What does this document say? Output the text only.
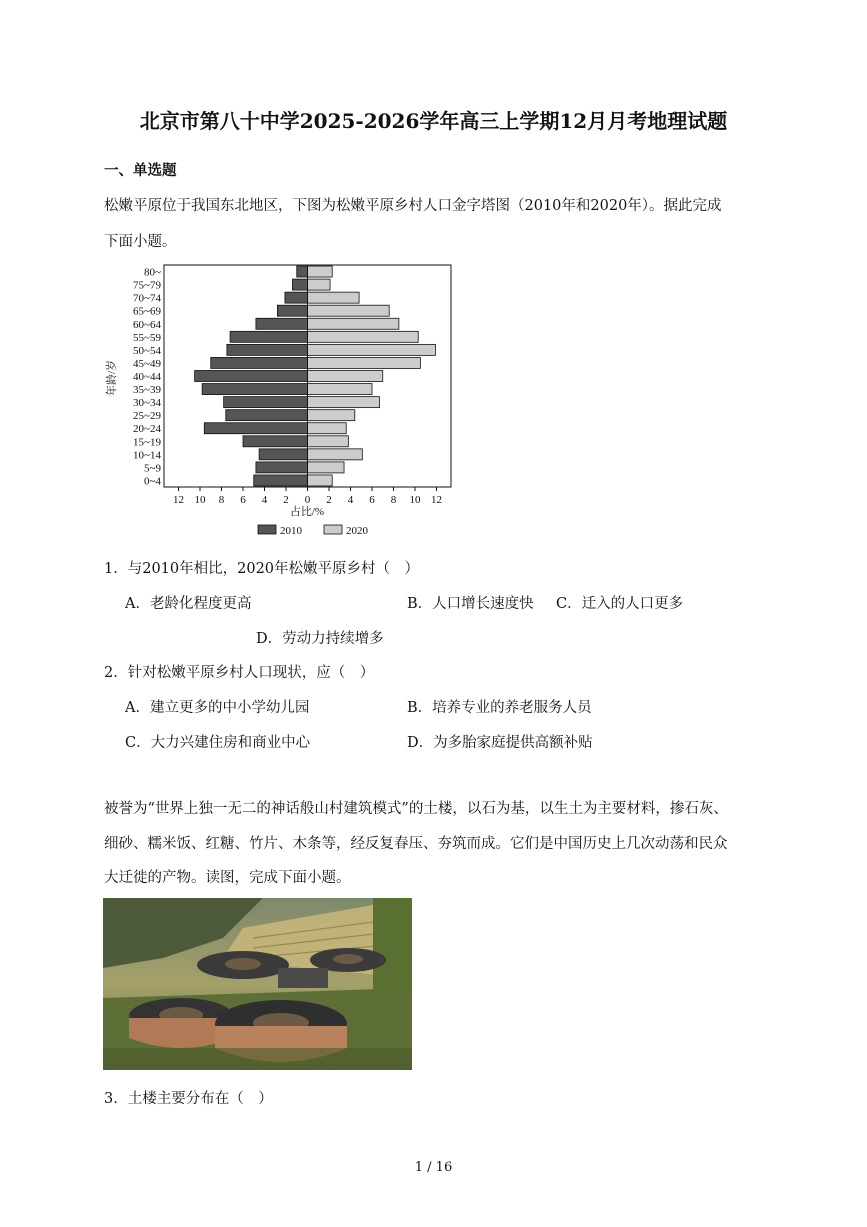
北京市第八十中学2025-2026学年高三上学期12月月考地理试题
一、单选题
松嫩平原位于我国东北地区，下图为松嫩平原乡村人口金字塔图（2010年和2020年）。据此完成
下面小题。
0~4
5~9
10~14
15~19
20~24
25~29
30~34
35~39
40~44
45~49
50~54
55~59
60~64
65~69
70~74
75~79
80~
12 10 8 6 4 2 0 2 4 6 8 10 12
年龄/岁
占比/%
2010	2020
1．与2010年相比，2020年松嫩平原乡村（　）
A．老龄化程度更高	B．人口增长速度快 C．迁入的人口更多
D．劳动力持续增多
2．针对松嫩平原乡村人口现状，应（　）
A．建立更多的中小学幼儿园	B．培养专业的养老服务人员
C．大力兴建住房和商业中心	D．为多胎家庭提供高额补贴
被誉为“世界上独一无二的神话般山村建筑模式”的土楼，以石为基，以生土为主要材料，掺石灰、
细砂、糯米饭、红糖、竹片、木条等，经反复春压、夯筑而成。它们是中国历史上几次动荡和民众
大迁徙的产物。读图，完成下面小题。
3．土楼主要分布在（　）
1 / 16
